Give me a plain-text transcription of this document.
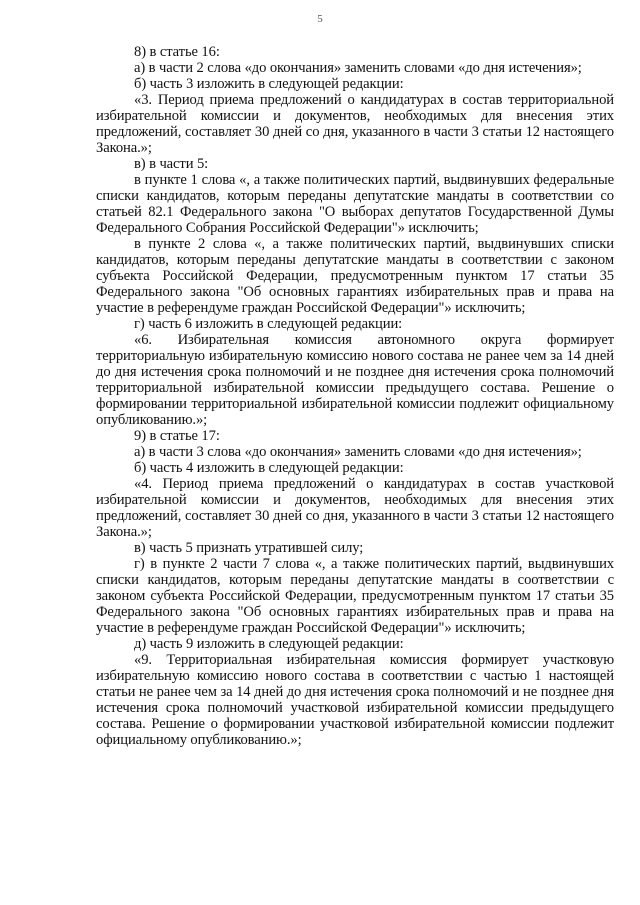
5

8) в статье 16:

а) в части 2 слова «до окончания» заменить словами «до дня истечения»;

б) часть 3 изложить в следующей редакции:

«3. Период приема предложений о кандидатурах в состав территориальной избирательной комиссии и документов, необходимых для внесения этих предложений, составляет 30 дней со дня, указанного в части 3 статьи 12 настоящего Закона.»;

в) в части 5:

в пункте 1 слова «, а также политических партий, выдвинувших федеральные списки кандидатов, которым переданы депутатские мандаты в соответствии со статьей 82.1 Федерального закона "О выборах депутатов Государственной Думы Федерального Собрания Российской Федерации"» исключить;

в пункте 2 слова «, а также политических партий, выдвинувших списки кандидатов, которым переданы депутатские мандаты в соответствии с законом субъекта Российской Федерации, предусмотренным пунктом 17 статьи 35 Федерального закона "Об основных гарантиях избирательных прав и права на участие в референдуме граждан Российской Федерации"» исключить;

г) часть 6 изложить в следующей редакции:

«6. Избирательная комиссия автономного округа формирует территориальную избирательную комиссию нового состава не ранее чем за 14 дней до дня истечения срока полномочий и не позднее дня истечения срока полномочий территориальной избирательной комиссии предыдущего состава. Решение о формировании территориальной избирательной комиссии подлежит официальному опубликованию.»;

9) в статье 17:

а) в части 3 слова «до окончания» заменить словами «до дня истечения»;

б) часть 4 изложить в следующей редакции:

«4. Период приема предложений о кандидатурах в состав участковой избирательной комиссии и документов, необходимых для внесения этих предложений, составляет 30 дней со дня, указанного в части 3 статьи 12 настоящего Закона.»;

в) часть 5 признать утратившей силу;

г) в пункте 2 части 7 слова «, а также политических партий, выдвинувших списки кандидатов, которым переданы депутатские мандаты в соответствии с законом субъекта Российской Федерации, предусмотренным пунктом 17 статьи 35 Федерального закона "Об основных гарантиях избирательных прав и права на участие в референдуме граждан Российской Федерации"» исключить;

д) часть 9 изложить в следующей редакции:

«9. Территориальная избирательная комиссия формирует участковую избирательную комиссию нового состава в соответствии с частью 1 настоящей статьи не ранее чем за 14 дней до дня истечения срока полномочий и не позднее дня истечения срока полномочий участковой избирательной комиссии предыдущего состава. Решение о формировании участковой избирательной комиссии подлежит официальному опубликованию.»;
